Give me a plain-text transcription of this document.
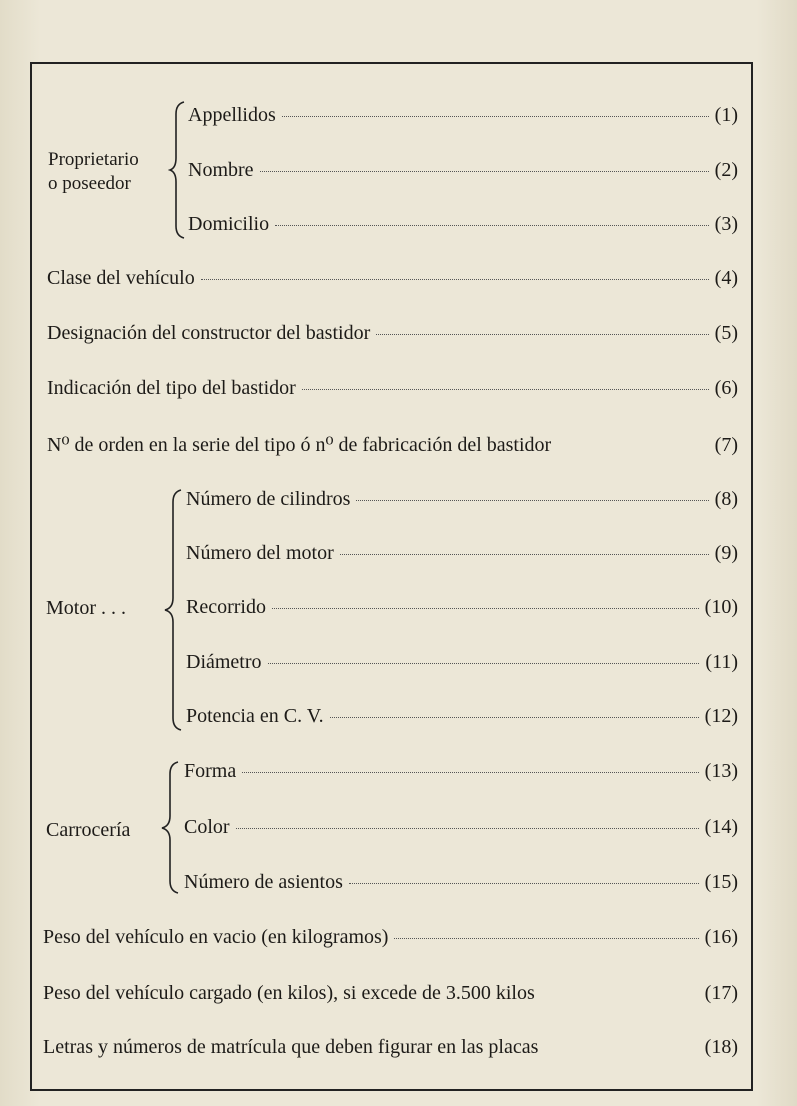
Proprietario
o poseedor
Appellidos	(1)
Nombre	(2)
Domicilio	(3)
Clase del vehículo	(4)
Designación del constructor del bastidor	(5)
Indicación del tipo del bastidor	(6)
N⁰ de orden en la serie del tipo ó n⁰ de fabricación del bastidor	(7)
Motor . . .
Número de cilindros	(8)
Número del motor	(9)
Recorrido	(10)
Diámetro	(11)
Potencia en C. V.	(12)
Carrocería
Forma	(13)
Color	(14)
Número de asientos	(15)
Peso del vehículo en vacio (en kilogramos)	(16)
Peso del vehículo cargado (en kilos), si excede de 3.500 kilos	(17)
Letras y números de matrícula que deben figurar en las placas	(18)
